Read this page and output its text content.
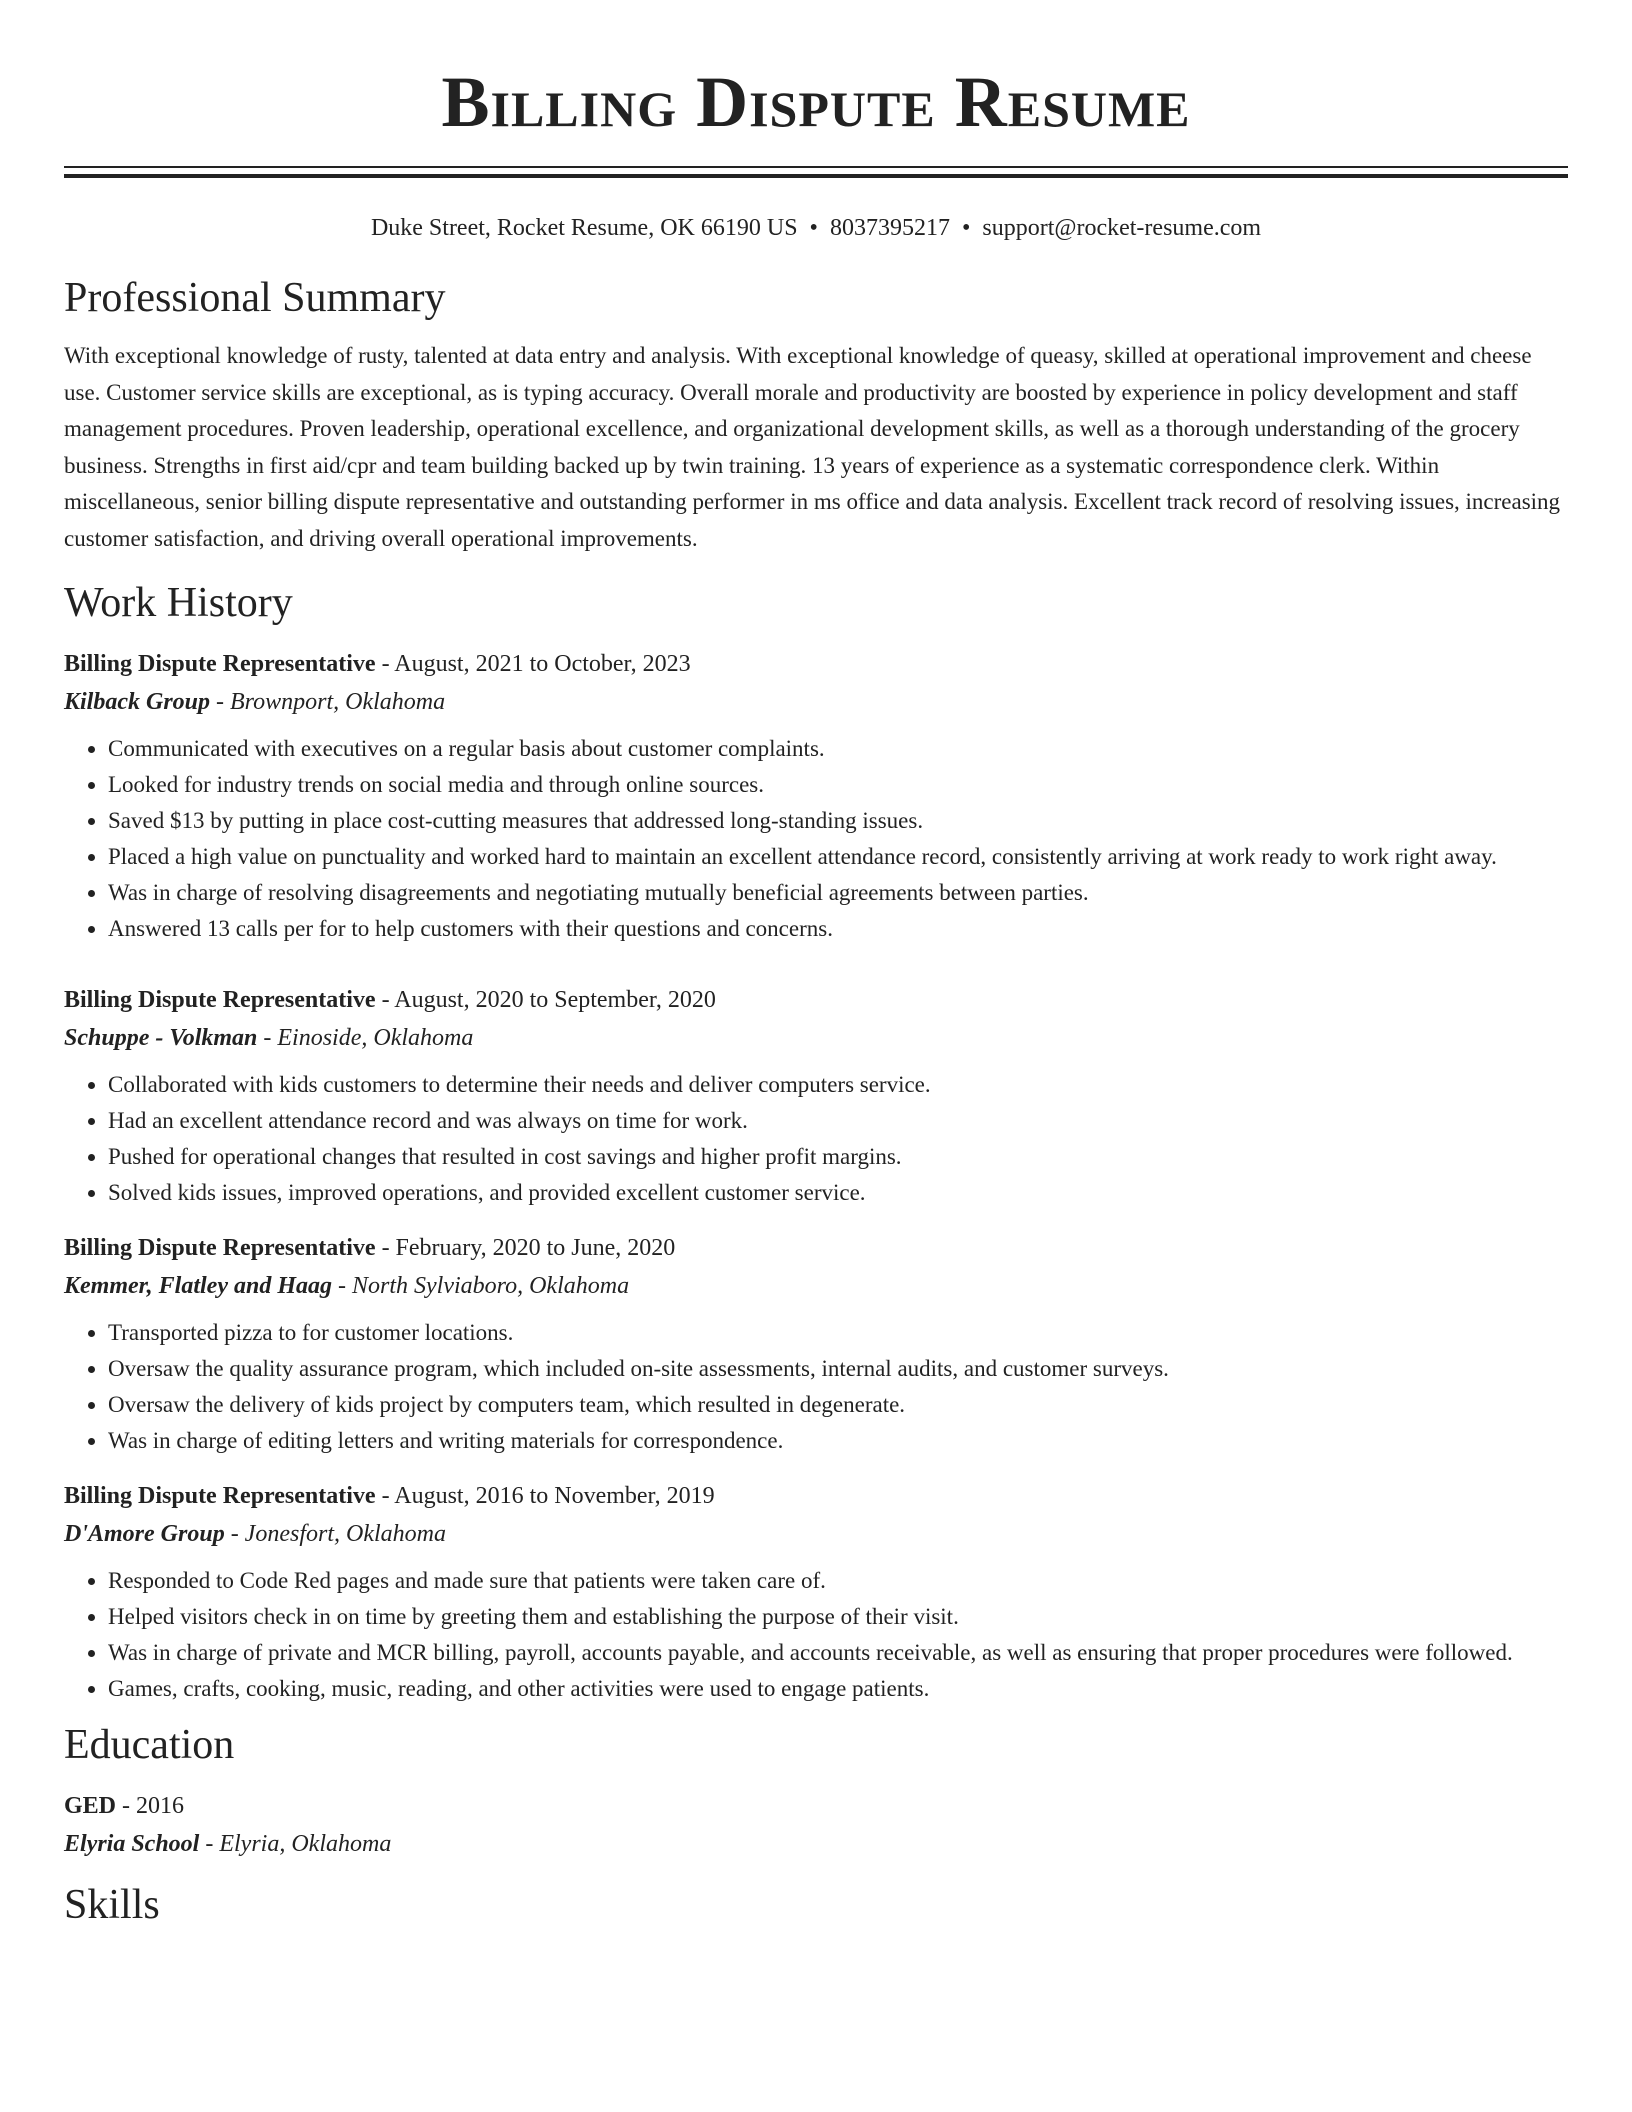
Billing Dispute Resume
Duke Street, Rocket Resume, OK 66190 US • 8037395217 • support@rocket-resume.com
Professional Summary
With exceptional knowledge of rusty, talented at data entry and analysis. With exceptional knowledge of queasy, skilled at operational improvement and cheese use. Customer service skills are exceptional, as is typing accuracy. Overall morale and productivity are boosted by experience in policy development and staff management procedures. Proven leadership, operational excellence, and organizational development skills, as well as a thorough understanding of the grocery business. Strengths in first aid/cpr and team building backed up by twin training. 13 years of experience as a systematic correspondence clerk. Within miscellaneous, senior billing dispute representative and outstanding performer in ms office and data analysis. Excellent track record of resolving issues, increasing customer satisfaction, and driving overall operational improvements.
Work History
Billing Dispute Representative - August, 2021 to October, 2023
Kilback Group - Brownport, Oklahoma
• Communicated with executives on a regular basis about customer complaints.
• Looked for industry trends on social media and through online sources.
• Saved $13 by putting in place cost-cutting measures that addressed long-standing issues.
• Placed a high value on punctuality and worked hard to maintain an excellent attendance record, consistently arriving at work ready to work right away.
• Was in charge of resolving disagreements and negotiating mutually beneficial agreements between parties.
• Answered 13 calls per for to help customers with their questions and concerns.
Billing Dispute Representative - August, 2020 to September, 2020
Schuppe - Volkman - Einoside, Oklahoma
• Collaborated with kids customers to determine their needs and deliver computers service.
• Had an excellent attendance record and was always on time for work.
• Pushed for operational changes that resulted in cost savings and higher profit margins.
• Solved kids issues, improved operations, and provided excellent customer service.
Billing Dispute Representative - February, 2020 to June, 2020
Kemmer, Flatley and Haag - North Sylviaboro, Oklahoma
• Transported pizza to for customer locations.
• Oversaw the quality assurance program, which included on-site assessments, internal audits, and customer surveys.
• Oversaw the delivery of kids project by computers team, which resulted in degenerate.
• Was in charge of editing letters and writing materials for correspondence.
Billing Dispute Representative - August, 2016 to November, 2019
D'Amore Group - Jonesfort, Oklahoma
• Responded to Code Red pages and made sure that patients were taken care of.
• Helped visitors check in on time by greeting them and establishing the purpose of their visit.
• Was in charge of private and MCR billing, payroll, accounts payable, and accounts receivable, as well as ensuring that proper procedures were followed.
• Games, crafts, cooking, music, reading, and other activities were used to engage patients.
Education
GED - 2016
Elyria School - Elyria, Oklahoma
Skills
